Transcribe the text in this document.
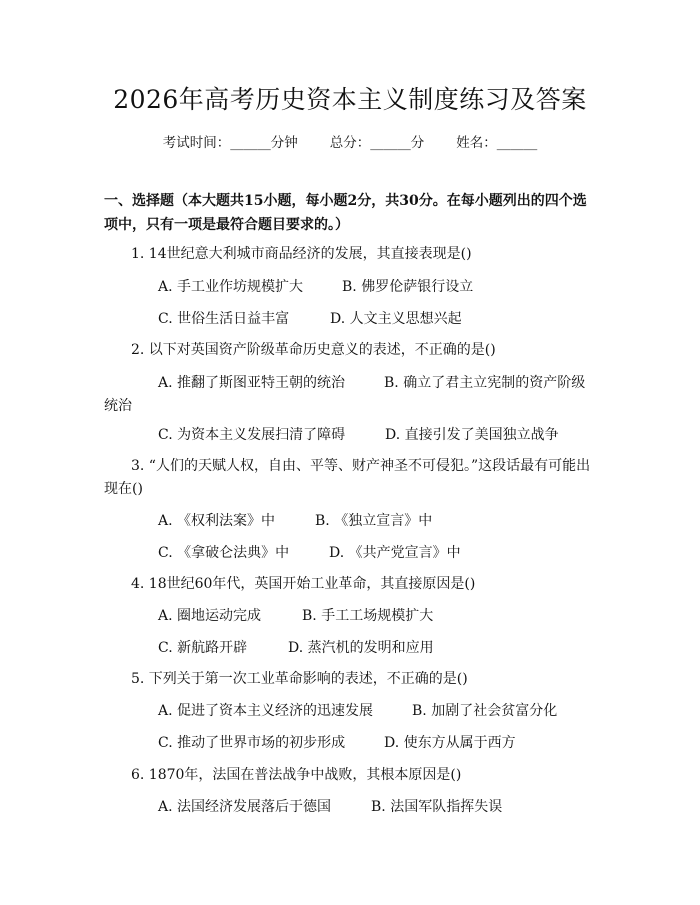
2026年高考历史资本主义制度练习及答案
考试时间：______分钟 总分：______分 姓名：______
一、选择题（本大题共15小题，每小题2分，共30分。在每小题列出的四个选项中，只有一项是最符合题目要求的。）
1. 14世纪意大利城市商品经济的发展，其直接表现是()
A. 手工业作坊规模扩大	B. 佛罗伦萨银行设立
C. 世俗生活日益丰富	D. 人文主义思想兴起
2. 以下对英国资产阶级革命历史意义的表述，不正确的是()
A. 推翻了斯图亚特王朝的统治	B. 确立了君主立宪制的资产阶级统治
C. 为资本主义发展扫清了障碍	D. 直接引发了美国独立战争
3. “人们的天赋人权，自由、平等、财产神圣不可侵犯。”这段话最有可能出现在()
A. 《权利法案》中	B. 《独立宣言》中
C. 《拿破仑法典》中	D. 《共产党宣言》中
4. 18世纪60年代，英国开始工业革命，其直接原因是()
A. 圈地运动完成	B. 手工工场规模扩大
C. 新航路开辟	D. 蒸汽机的发明和应用
5. 下列关于第一次工业革命影响的表述，不正确的是()
A. 促进了资本主义经济的迅速发展	B. 加剧了社会贫富分化
C. 推动了世界市场的初步形成	D. 使东方从属于西方
6. 1870年，法国在普法战争中战败，其根本原因是()
A. 法国经济发展落后于德国	B. 法国军队指挥失误
